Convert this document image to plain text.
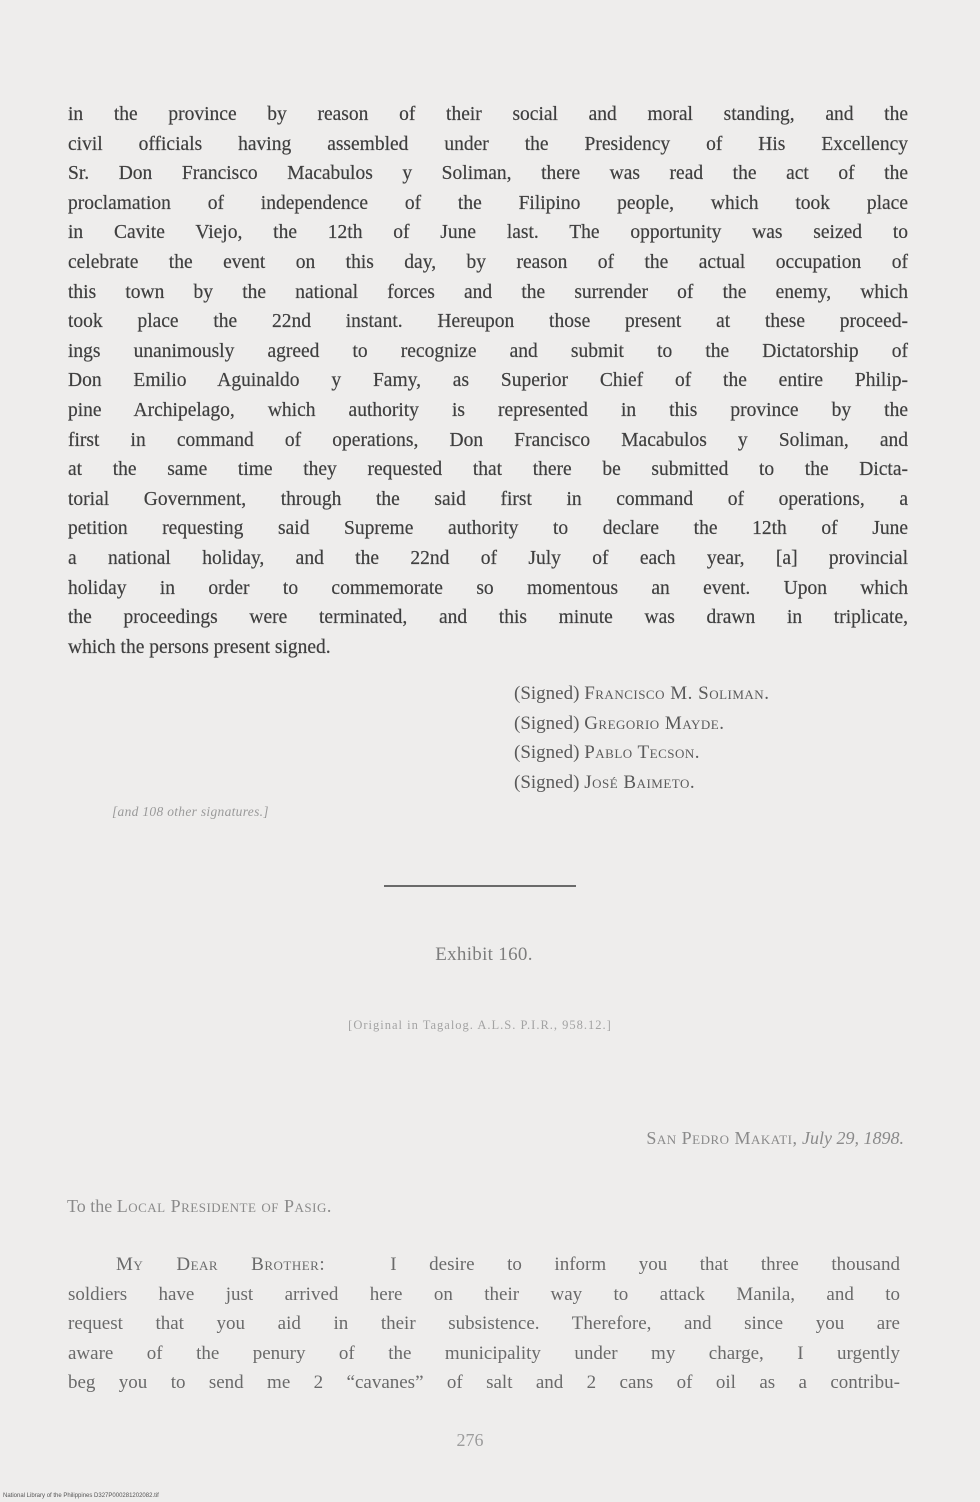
in the province by reason of their social and moral standing, and the
civil officials having assembled under the Presidency of His Excellency
Sr. Don Francisco Macabulos y Soliman, there was read the act of the
proclamation of independence of the Filipino people, which took place
in Cavite Viejo, the 12th of June last. The opportunity was seized to
celebrate the event on this day, by reason of the actual occupation of
this town by the national forces and the surrender of the enemy, which
took place the 22nd instant. Hereupon those present at these proceed-
ings unanimously agreed to recognize and submit to the Dictatorship of
Don Emilio Aguinaldo y Famy, as Superior Chief of the entire Philip-
pine Archipelago, which authority is represented in this province by the
first in command of operations, Don Francisco Macabulos y Soliman, and
at the same time they requested that there be submitted to the Dicta-
torial Government, through the said first in command of operations, a
petition requesting said Supreme authority to declare the 12th of June
a national holiday, and the 22nd of July of each year, [a] provincial
holiday in order to commemorate so momentous an event. Upon which
the proceedings were terminated, and this minute was drawn in triplicate,
which the persons present signed.
(Signed) Francisco M. Soliman.
(Signed) Gregorio Mayde.
(Signed) Pablo Tecson.
(Signed) José Baimeto.
[and 108 other signatures.]
Exhibit 160.
[Original in Tagalog. A.L.S. P.I.R., 958.12.]
San Pedro Makati, July 29, 1898.
To the Local Presidente of Pasig.
My Dear Brother:	I desire to inform you that three thousand
soldiers have just arrived here on their way to attack Manila, and to
request that you aid in their subsistence. Therefore, and since you are
aware of the penury of the municipality under my charge, I urgently
beg you to send me 2 “cavanes” of salt and 2 cans of oil as a contribu-
276
National Library of the Philippines D327P000281202082.tif
